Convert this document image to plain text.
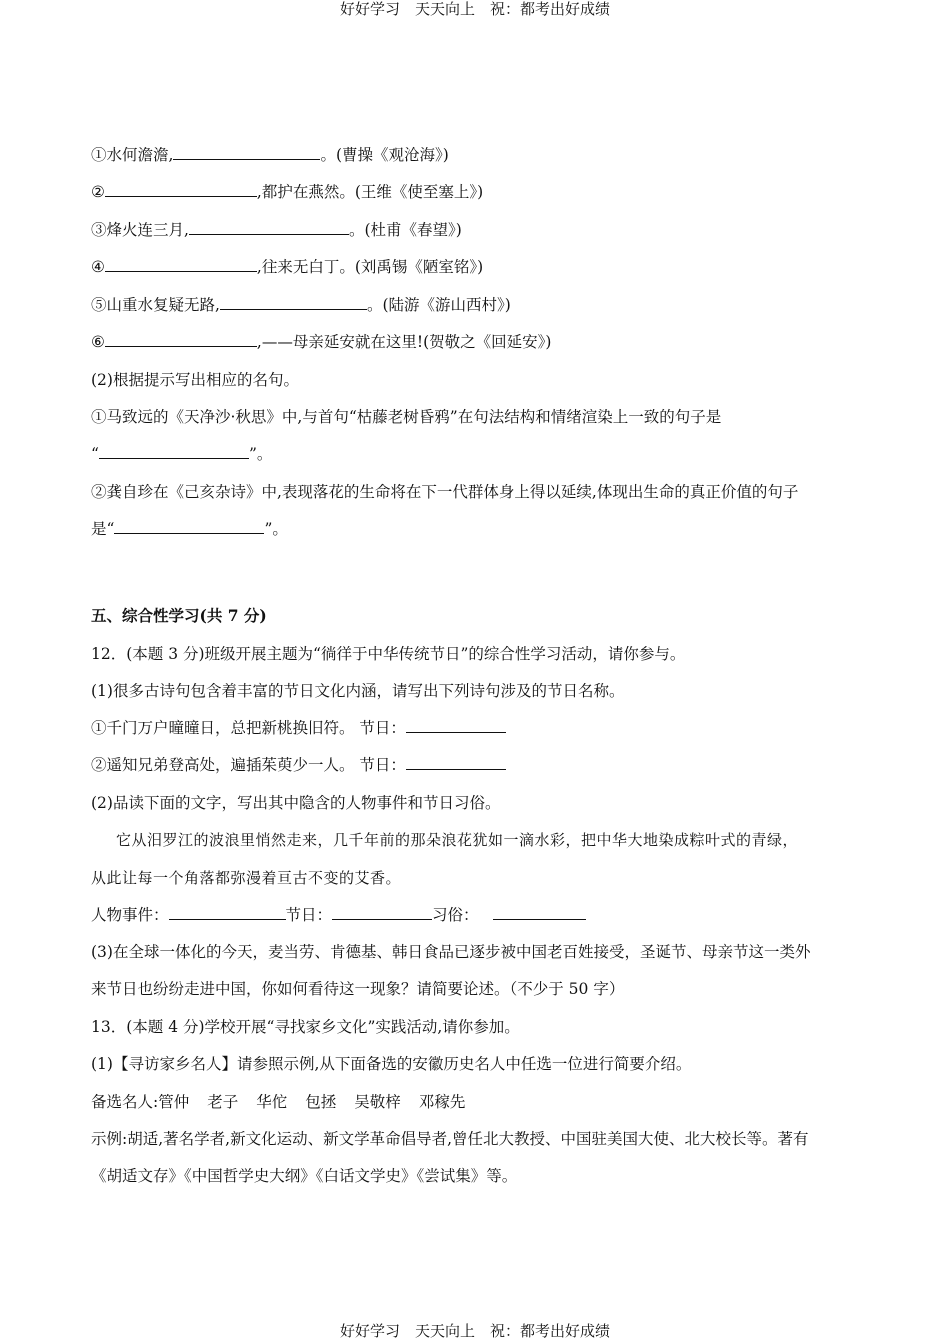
好好学习　天天向上　祝：都考出好成绩
①水何澹澹,	。(曹操《观沧海》)
②	,都护在燕然。(王维《使至塞上》)
③烽火连三月,	。(杜甫《春望》)
④	,往来无白丁。(刘禹锡《陋室铭》)
⑤山重水复疑无路,	。(陆游《游山西村》)
⑥	,——母亲延安就在这里!(贺敬之《回延安》)
(2)根据提示写出相应的名句。
①马致远的《天净沙·秋思》中,与首句“枯藤老树昏鸦”在句法结构和情绪渲染上一致的句子是
“	”。
②龚自珍在《己亥杂诗》中,表现落花的生命将在下一代群体身上得以延续,体现出生命的真正价值的句子
是“	”。
五、综合性学习(共 7 分)
12．(本题 3 分)班级开展主题为“徜徉于中华传统节日”的综合性学习活动，请你参与。
(1)很多古诗句包含着丰富的节日文化内涵，请写出下列诗句涉及的节日名称。
①千门万户曈曈日，总把新桃换旧符。 节日：
②遥知兄弟登高处，遍插茱萸少一人。 节日：
(2)品读下面的文字，写出其中隐含的人物事件和节日习俗。
它从汨罗江的波浪里悄然走来，几千年前的那朵浪花犹如一滴水彩，把中华大地染成粽叶式的青绿，
从此让每一个角落都弥漫着亘古不变的艾香。
人物事件：	节日：	习俗：
(3)在全球一体化的今天，麦当劳、肯德基、韩日食品已逐步被中国老百姓接受，圣诞节、母亲节这一类外
来节日也纷纷走进中国，你如何看待这一现象？请简要论述。（不少于 50 字）
13．(本题 4 分)学校开展“寻找家乡文化”实践活动,请你参加。
(1)【寻访家乡名人】请参照示例,从下面备选的安徽历史名人中任选一位进行简要介绍。
备选名人:管仲 老子 华佗 包拯 吴敬梓 邓稼先
示例:胡适,著名学者,新文化运动、新文学革命倡导者,曾任北大教授、中国驻美国大使、北大校长等。著有
《胡适文存》《中国哲学史大纲》《白话文学史》《尝试集》等。
好好学习　天天向上　祝：都考出好成绩
